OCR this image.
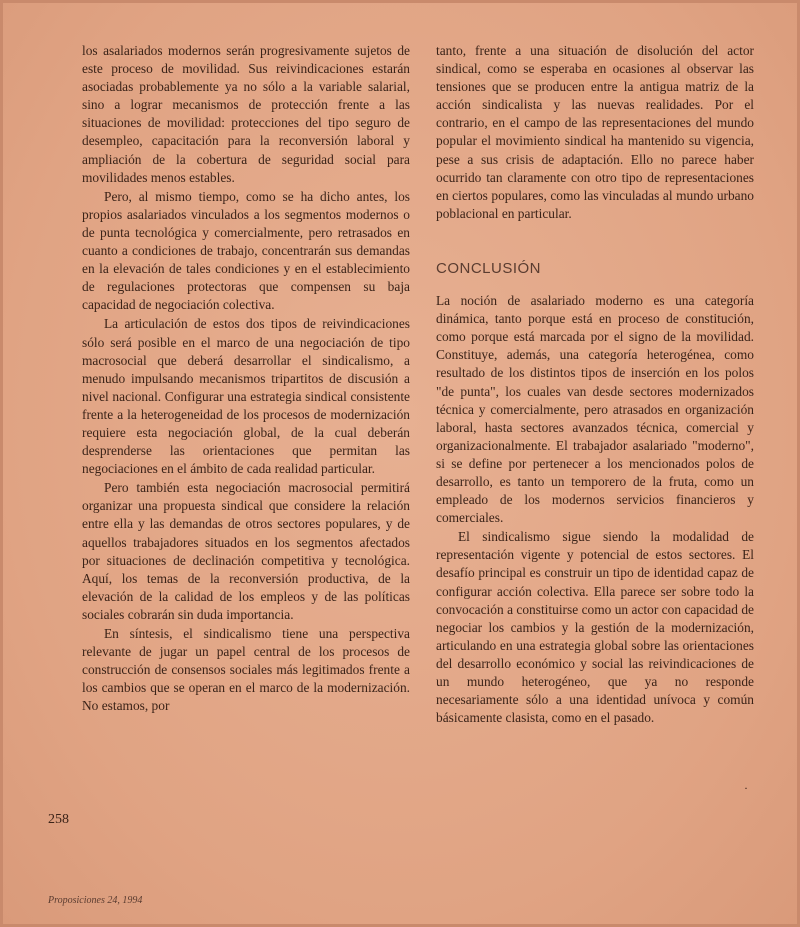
los asalariados modernos serán progresivamente sujetos de este proceso de movilidad. Sus reivindicaciones estarán asociadas probablemente ya no sólo a la variable salarial, sino a lograr mecanismos de protección frente a las situaciones de movilidad: protecciones del tipo seguro de desempleo, capacitación para la reconversión laboral y ampliación de la cobertura de seguridad social para movilidades menos estables.

Pero, al mismo tiempo, como se ha dicho antes, los propios asalariados vinculados a los segmentos modernos o de punta tecnológica y comercialmente, pero retrasados en cuanto a condiciones de trabajo, concentrarán sus demandas en la elevación de tales condiciones y en el establecimiento de regulaciones protectoras que compensen su baja capacidad de negociación colectiva.

La articulación de estos dos tipos de reivindicaciones sólo será posible en el marco de una negociación de tipo macrosocial que deberá desarrollar el sindicalismo, a menudo impulsando mecanismos tripartitos de discusión a nivel nacional. Configurar una estrategia sindical consistente frente a la heterogeneidad de los procesos de modernización requiere esta negociación global, de la cual deberán desprenderse las orientaciones que permitan las negociaciones en el ámbito de cada realidad particular.

Pero también esta negociación macrosocial permitirá organizar una propuesta sindical que considere la relación entre ella y las demandas de otros sectores populares, y de aquellos trabajadores situados en los segmentos afectados por situaciones de declinación competitiva y tecnológica. Aquí, los temas de la reconversión productiva, de la elevación de la calidad de los empleos y de las políticas sociales cobrarán sin duda importancia.

En síntesis, el sindicalismo tiene una perspectiva relevante de jugar un papel central de los procesos de construcción de consensos sociales más legitimados frente a los cambios que se operan en el marco de la modernización. No estamos, por

tanto, frente a una situación de disolución del actor sindical, como se esperaba en ocasiones al observar las tensiones que se producen entre la antigua matriz de la acción sindicalista y las nuevas realidades. Por el contrario, en el campo de las representaciones del mundo popular el movimiento sindical ha mantenido su vigencia, pese a sus crisis de adaptación. Ello no parece haber ocurrido tan claramente con otro tipo de representaciones en ciertos populares, como las vinculadas al mundo urbano poblacional en particular.

CONCLUSIÓN

La noción de asalariado moderno es una categoría dinámica, tanto porque está en proceso de constitución, como porque está marcada por el signo de la movilidad. Constituye, además, una categoría heterogénea, como resultado de los distintos tipos de inserción en los polos "de punta", los cuales van desde sectores modernizados técnica y comercialmente, pero atrasados en organización laboral, hasta sectores avanzados técnica, comercial y organizacionalmente. El trabajador asalariado "moderno", si se define por pertenecer a los mencionados polos de desarrollo, es tanto un temporero de la fruta, como un empleado de los modernos servicios financieros y comerciales.

El sindicalismo sigue siendo la modalidad de representación vigente y potencial de estos sectores. El desafío principal es construir un tipo de identidad capaz de configurar acción colectiva. Ella parece ser sobre todo la convocación a constituirse como un actor con capacidad de negociar los cambios y la gestión de la modernización, articulando en una estrategia global sobre las orientaciones del desarrollo económico y social las reivindicaciones de un mundo heterogéneo, que ya no responde necesariamente sólo a una identidad unívoca y común básicamente clasista, como en el pasado.

·
258
Proposiciones 24, 1994
